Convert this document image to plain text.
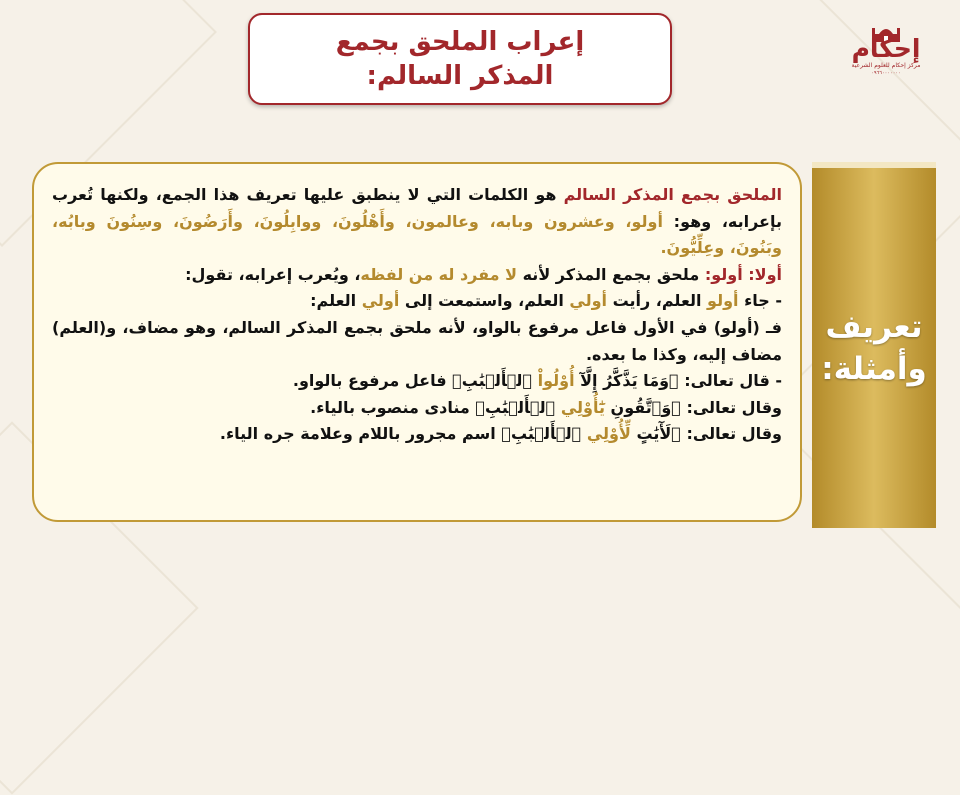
إعراب الملحق بجمع
المذكر السالم:
إحكام
مركز إحكام للعلوم الشرعية
٠٩٦٦٠٠٠٠٠٠٠

الملحق بجمع المذكر السالم هو الكلمات التي لا ينطبق عليها تعريف هذا الجمع، ولكنها تُعرب بإعرابه، وهو: أولو، وعشرون وبابه، وعالمون، وأَهْلُونَ، ووابِلُونَ، وأَرَضُونَ، وسِنُونَ وبابُه، وبَنُونَ، وعِلِّيُّونَ.

أولا: أولو: ملحق بجمع المذكر لأنه لا مفرد له من لفظه، ويُعرب إعرابه، تقول:

- جاء أولو العلم، رأيت أولي العلم، واستمعت إلى أولي العلم:

فـ (أولو) في الأول فاعل مرفوع بالواو، لأنه ملحق بجمع المذكر السالم، وهو مضاف، و(العلم) مضاف إليه، وكذا ما بعده.

- قال تعالى: ﴿وَمَا يَذَّكَّرُ إِلَّآ أُوْلُواْ ٱلۡأَلۡبَٰبِ﴾ فاعل مرفوع بالواو.

وقال تعالى: ﴿وَٱتَّقُونِ يَٰٓأُوْلِي ٱلۡأَلۡبَٰبِ﴾ منادى منصوب بالياء.

وقال تعالى: ﴿لَأٓيَٰتٍ لِّأُوْلِي ٱلۡأَلۡبَٰبِ﴾ اسم مجرور باللام وعلامة جره الياء.

تعريف
وأمثلة:
